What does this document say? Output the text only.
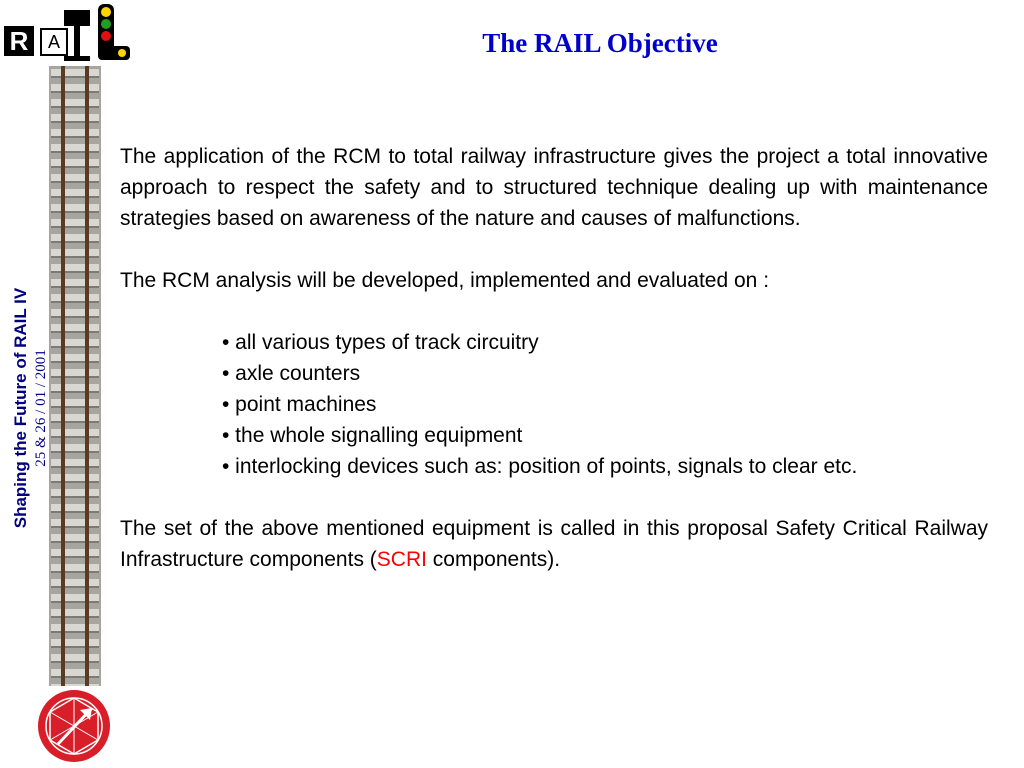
R	A
Shaping the Future of RAIL IV 25 & 26 / 01 / 2001
The RAIL Objective

The application of the RCM to total railway infrastructure gives the project a total innovative approach to respect the safety and to structured technique dealing up with maintenance strategies based on awareness of the nature and causes of malfunctions.

The RCM analysis will be developed, implemented and evaluated on :

• all various types of track circuitry
• axle counters
• point machines
• the whole signalling equipment
• interlocking devices such as: position of points, signals to clear etc.

The set of the above mentioned equipment is called in this proposal Safety Critical Railway Infrastructure components (SCRI components).
